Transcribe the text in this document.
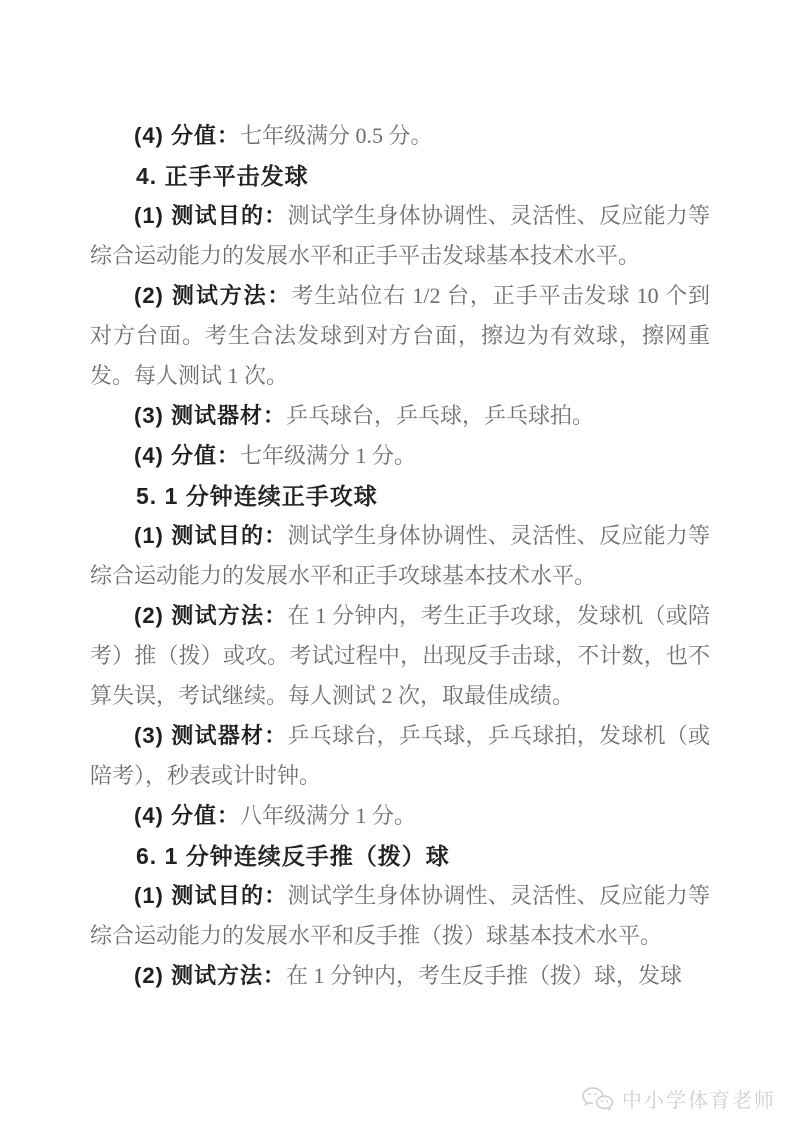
(4) 分值：七年级满分 0.5 分。

4. 正手平击发球

(1) 测试目的：测试学生身体协调性、灵活性、反应能力等综合运动能力的发展水平和正手平击发球基本技术水平。

(2) 测试方法：考生站位右 1/2 台，正手平击发球 10 个到对方台面。考生合法发球到对方台面，擦边为有效球，擦网重发。每人测试 1 次。

(3) 测试器材：乒乓球台，乒乓球，乒乓球拍。

(4) 分值：七年级满分 1 分。

5. 1 分钟连续正手攻球

(1) 测试目的：测试学生身体协调性、灵活性、反应能力等综合运动能力的发展水平和正手攻球基本技术水平。

(2) 测试方法：在 1 分钟内，考生正手攻球，发球机（或陪考）推（拨）或攻。考试过程中，出现反手击球，不计数，也不算失误，考试继续。每人测试 2 次，取最佳成绩。

(3) 测试器材：乒乓球台，乒乓球，乒乓球拍，发球机（或陪考），秒表或计时钟。

(4) 分值：八年级满分 1 分。

6. 1 分钟连续反手推（拨）球

(1) 测试目的：测试学生身体协调性、灵活性、反应能力等综合运动能力的发展水平和反手推（拨）球基本技术水平。

(2) 测试方法：在 1 分钟内，考生反手推（拨）球，发球

中小学体育老师
